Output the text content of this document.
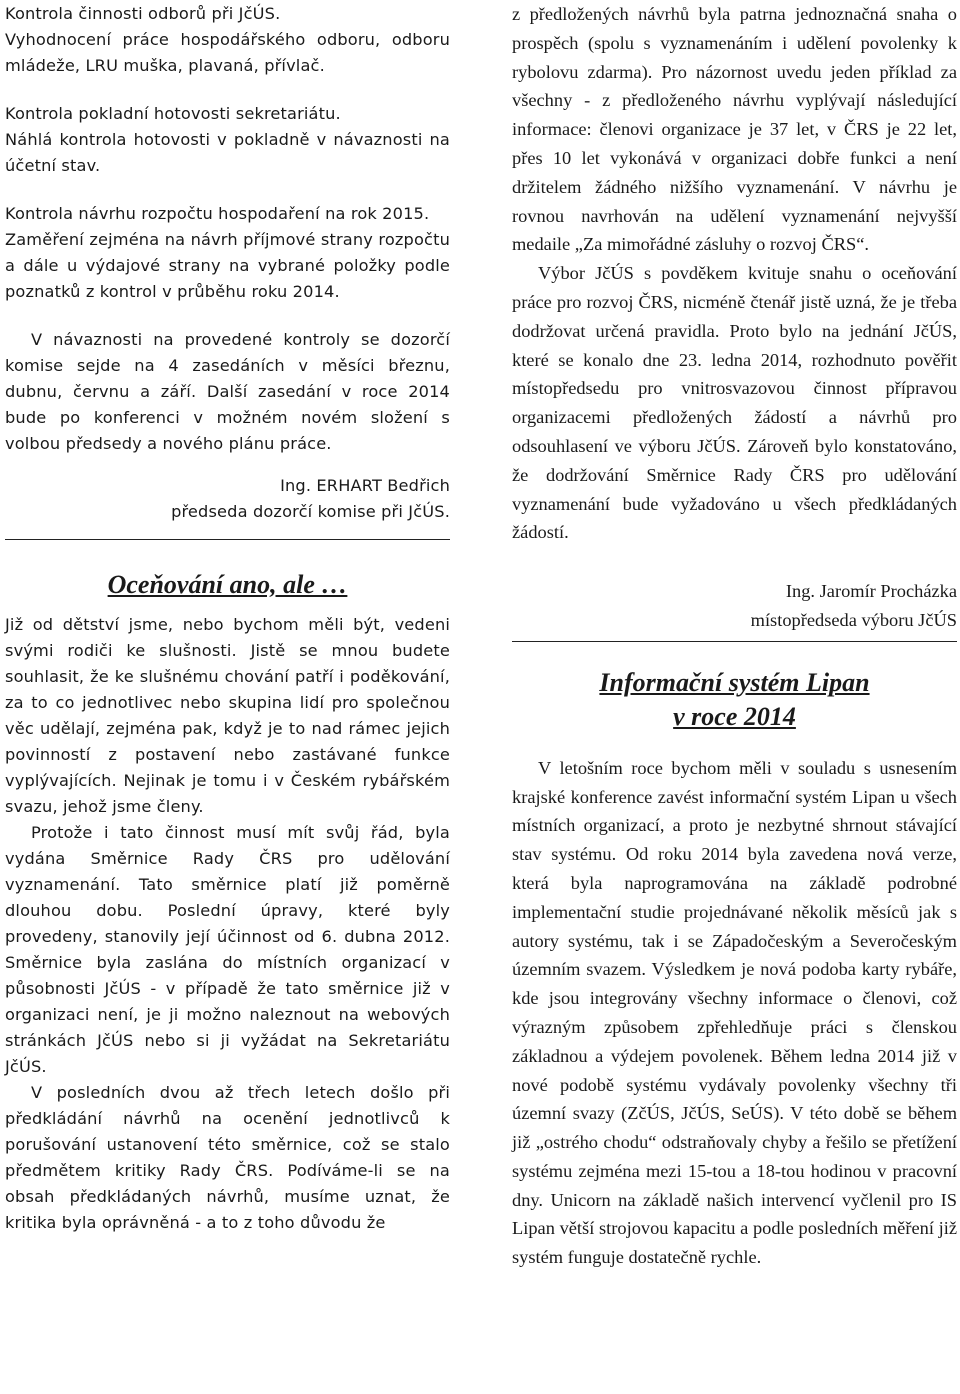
Kontrola činnosti odborů při JčÚS.

Vyhodnocení práce hospodářského odboru, odboru mládeže, LRU muška, plavaná, přívlač.

Kontrola pokladní hotovosti sekretariátu.

Náhlá kontrola hotovosti v pokladně v návaznosti na účetní stav.

Kontrola návrhu rozpočtu hospodaření na rok 2015.

Zaměření zejména na návrh příjmové strany rozpočtu a dále u výdajové strany na vybrané položky podle poznatků z kontrol v průběhu roku 2014.

V návaznosti na provedené kontroly se dozorčí komise sejde na 4 zasedáních v měsíci březnu, dubnu, červnu a září. Další zasedání v roce 2014 bude po konferenci v možném novém složení s volbou předsedy a nového plánu práce.

Ing. ERHART Bedřich

předseda dozorčí komise při JčÚS.

Oceňování ano, ale …

Již od dětství jsme, nebo bychom měli být, vedeni svými rodiči ke slušnosti. Jistě se mnou budete souhlasit, že ke slušnému chování patří i poděkování, za to co jednotlivec nebo skupina lidí pro společnou věc udělají, zejména pak, když je to nad rámec jejich povinností z postavení nebo zastávané funkce vyplývajících. Nejinak je tomu i v Českém rybářském svazu, jehož jsme členy.

Protože i tato činnost musí mít svůj řád, byla vydána Směrnice Rady ČRS pro udělování vyznamenání. Tato směrnice platí již poměrně dlouhou dobu. Poslední úpravy, které byly provedeny, stanovily její účinnost od 6. dubna 2012. Směrnice byla zaslána do místních organizací v působnosti JčÚS - v případě že tato směrnice již v organizaci není, je ji možno naleznout na webových stránkách JčÚS nebo si ji vyžádat na Sekretariátu JčÚS.

V posledních dvou až třech letech došlo při předkládání návrhů na ocenění jednotlivců k porušování ustanovení této směrnice, což se stalo předmětem kritiky Rady ČRS. Podíváme-li se na obsah předkládaných návrhů, musíme uznat, že kritika byla oprávněná - a to z toho důvodu že

z předložených návrhů byla patrna jednoznačná snaha o prospěch (spolu s vyznamenáním i udělení povolenky k rybolovu zdarma). Pro názornost uvedu jeden příklad za všechny - z předloženého návrhu vyplývají následující informace: členovi organizace je 37 let, v ČRS je 22 let, přes 10 let vykonává v organizaci dobře funkci a není držitelem žádného nižšího vyznamenání. V návrhu je rovnou navrhován na udělení vyznamenání nejvyšší medaile „Za mimořádné zásluhy o rozvoj ČRS“.

Výbor JčÚS s povděkem kvituje snahu o oceňování práce pro rozvoj ČRS, nicméně čtenář jistě uzná, že je třeba dodržovat určená pravidla. Proto bylo na jednání JčÚS, které se konalo dne 23. ledna 2014, rozhodnuto pověřit místopředsedu pro vnitrosvazovou činnost přípravou organizacemi předložených žádostí a návrhů pro odsouhlasení ve výboru JčÚS. Zároveň bylo konstatováno, že dodržování Směrnice Rady ČRS pro udělování vyznamenání bude vyžadováno u všech předkládaných žádostí.

Ing. Jaromír Procházka

místopředseda výboru JčÚS

Informační systém Lipan

v roce 2014

V letošním roce bychom měli v souladu s usnesením krajské konference zavést informační systém Lipan u všech místních organizací, a proto je nezbytné shrnout stávající stav systému. Od roku 2014 byla zavedena nová verze, která byla naprogramována na základě podrobné implementační studie projednávané několik měsíců jak s autory systému, tak i se Západočeským a Severočeským územním svazem. Výsledkem je nová podoba karty rybáře, kde jsou integrovány všechny informace o členovi, což výrazným způsobem zpřehledňuje práci s členskou základnou a výdejem povolenek. Během ledna 2014 již v nové podobě systému vydávaly povolenky všechny tři územní svazy (ZčÚS, JčÚS, SeÚS). V této době se během již „ostrého chodu“ odstraňovaly chyby a řešilo se přetížení systému zejména mezi 15-tou a 18-tou hodinou v pracovní dny. Unicorn na základě našich intervencí vyčlenil pro IS Lipan větší strojovou kapacitu a podle posledních měření již systém funguje dostatečně rychle.
